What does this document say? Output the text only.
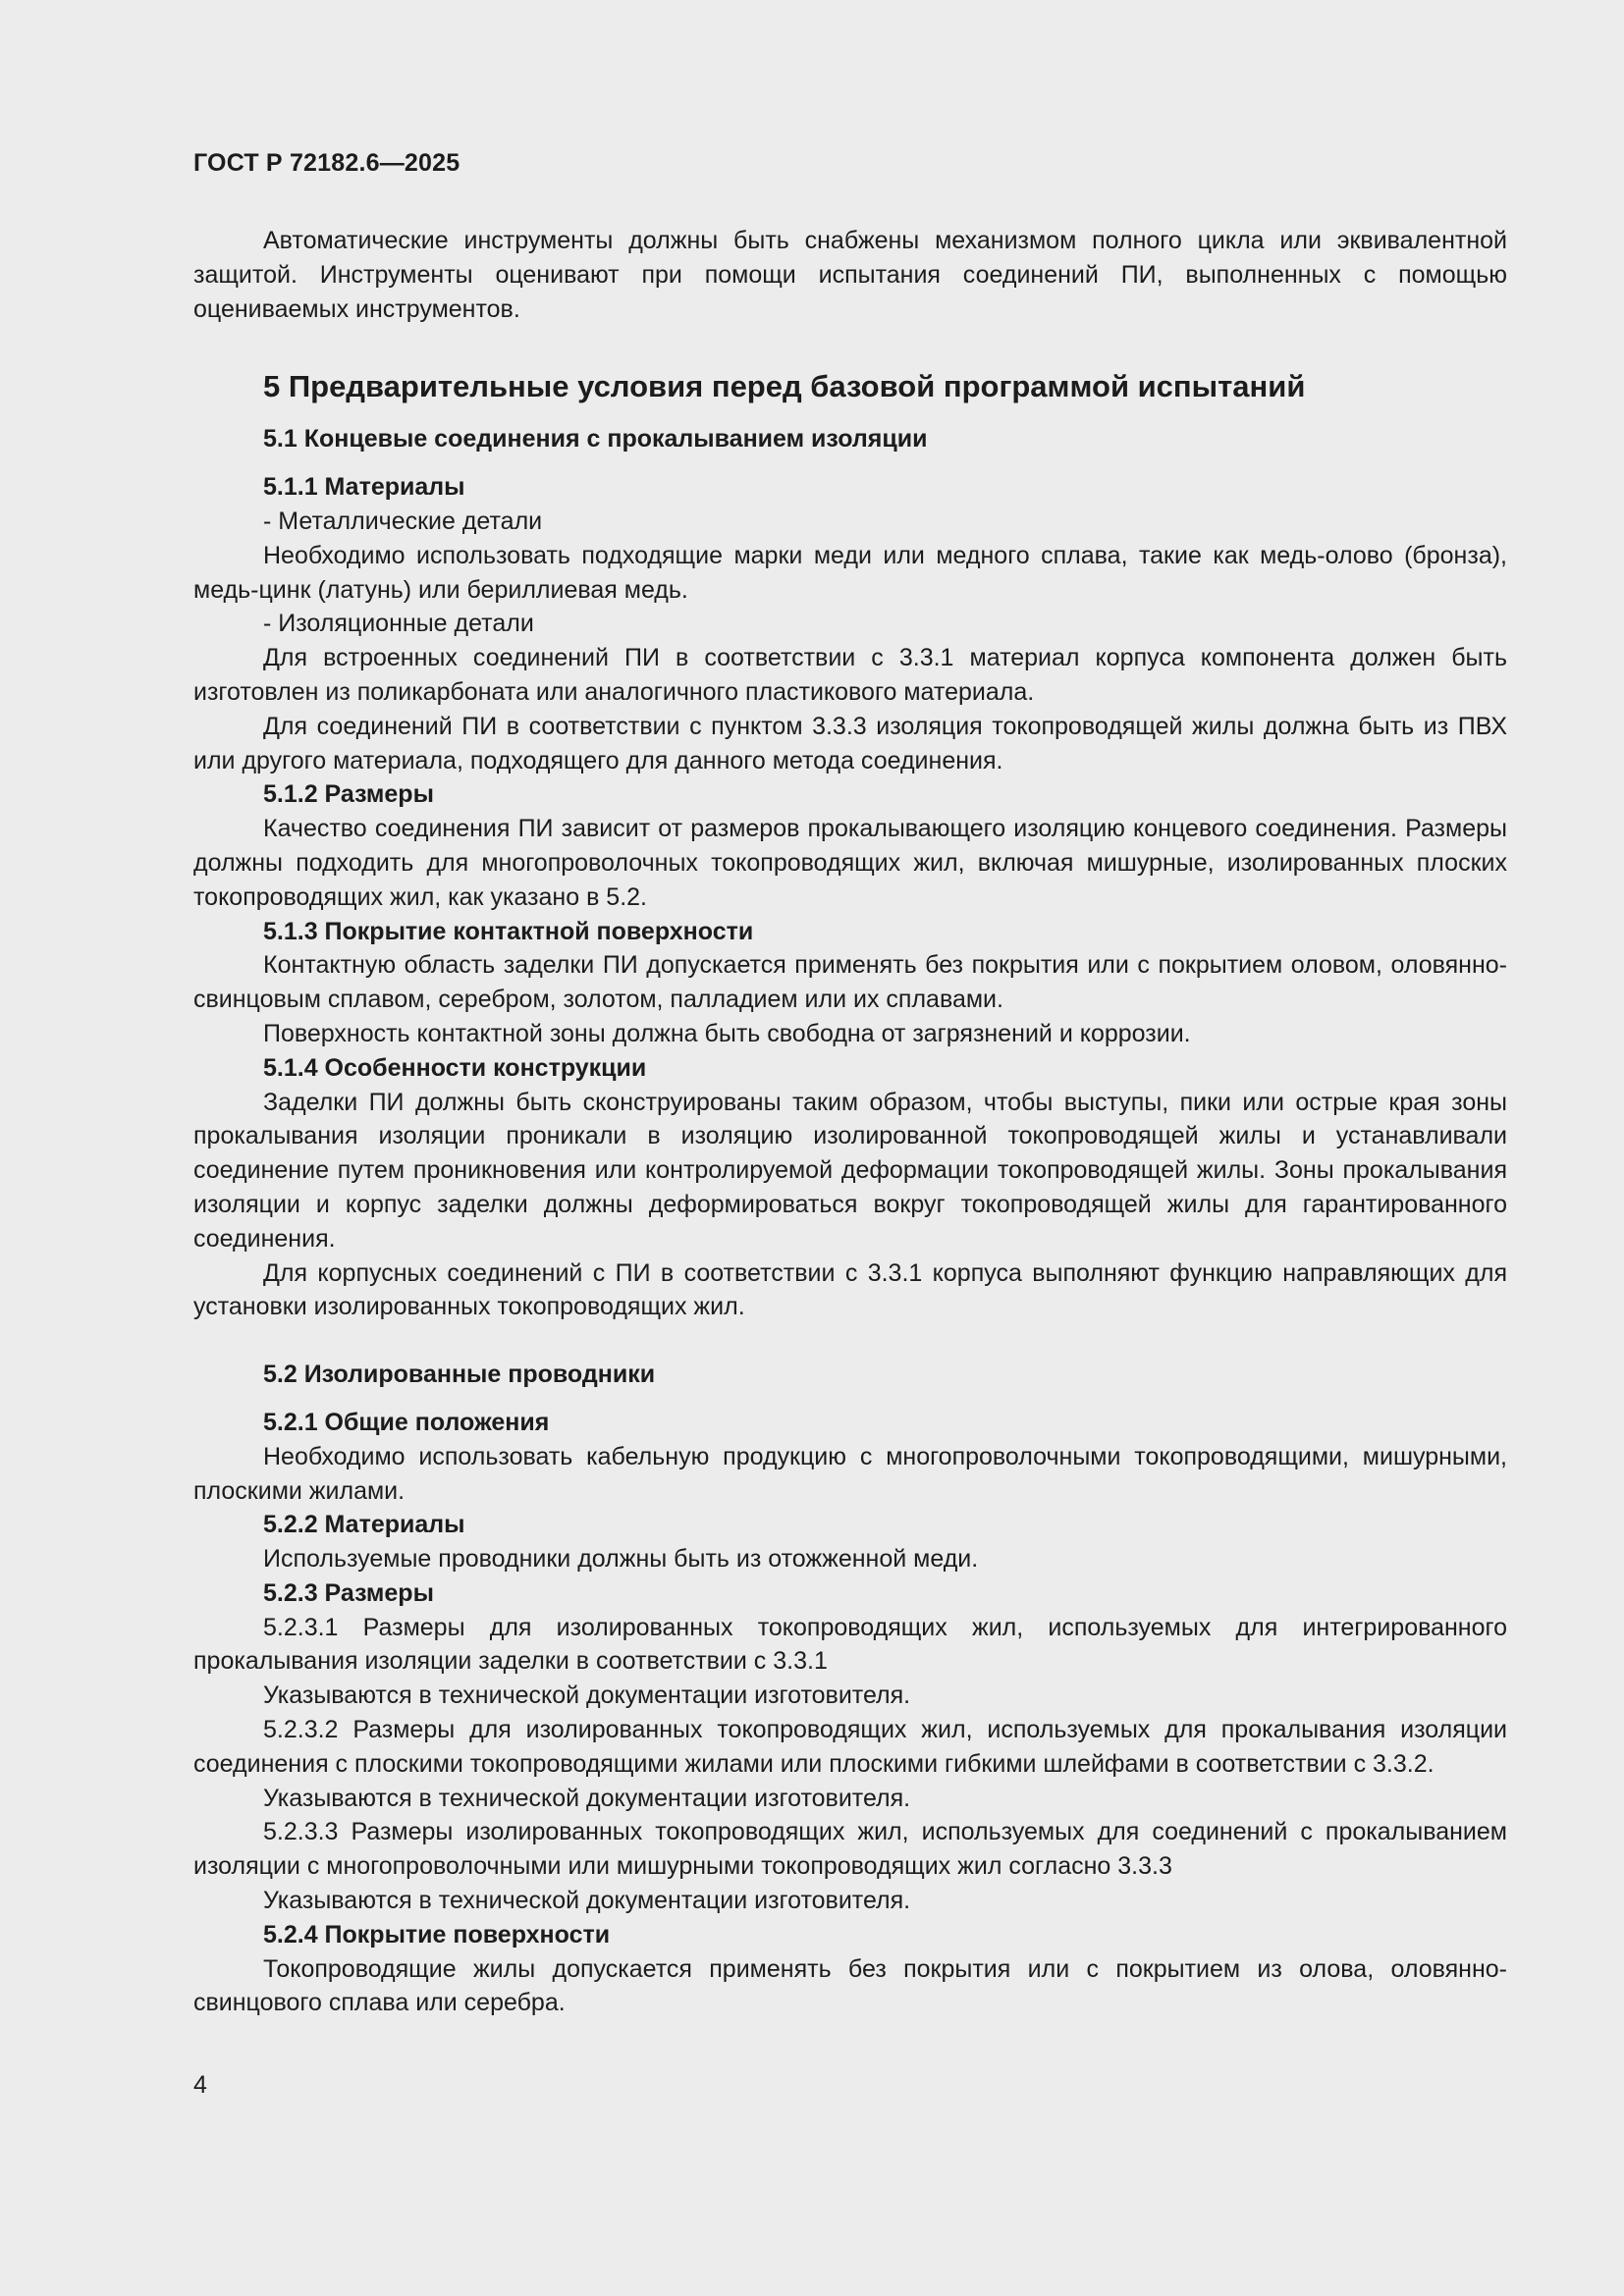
ГОСТ Р 72182.6—2025

Автоматические инструменты должны быть снабжены механизмом полного цикла или эквивалентной защитой. Инструменты оценивают при помощи испытания соединений ПИ, выполненных с помощью оцениваемых инструментов.

5 Предварительные условия перед базовой программой испытаний
5.1 Концевые соединения с прокалыванием изоляции
5.1.1 Материалы

- Металлические детали

Необходимо использовать подходящие марки меди или медного сплава, такие как медь-олово (бронза), медь-цинк (латунь) или бериллиевая медь.

- Изоляционные детали

Для встроенных соединений ПИ в соответствии с 3.3.1 материал корпуса компонента должен быть изготовлен из поликарбоната или аналогичного пластикового материала.

Для соединений ПИ в соответствии с пунктом 3.3.3 изоляция токопроводящей жилы должна быть из ПВХ или другого материала, подходящего для данного метода соединения.

5.1.2 Размеры

Качество соединения ПИ зависит от размеров прокалывающего изоляцию концевого соединения. Размеры должны подходить для многопроволочных токопроводящих жил, включая мишурные, изолированных плоских токопроводящих жил, как указано в 5.2.

5.1.3 Покрытие контактной поверхности

Контактную область заделки ПИ допускается применять без покрытия или с покрытием оловом, оловянно-свинцовым сплавом, серебром, золотом, палладием или их сплавами.

Поверхность контактной зоны должна быть свободна от загрязнений и коррозии.

5.1.4 Особенности конструкции

Заделки ПИ должны быть сконструированы таким образом, чтобы выступы, пики или острые края зоны прокалывания изоляции проникали в изоляцию изолированной токопроводящей жилы и устанавливали соединение путем проникновения или контролируемой деформации токопроводящей жилы. Зоны прокалывания изоляции и корпус заделки должны деформироваться вокруг токопроводящей жилы для гарантированного соединения.

Для корпусных соединений с ПИ в соответствии с 3.3.1 корпуса выполняют функцию направляющих для установки изолированных токопроводящих жил.

5.2 Изолированные проводники
5.2.1 Общие положения

Необходимо использовать кабельную продукцию с многопроволочными токопроводящими, мишурными, плоскими жилами.

5.2.2 Материалы

Используемые проводники должны быть из отожженной меди.

5.2.3 Размеры

5.2.3.1 Размеры для изолированных токопроводящих жил, используемых для интегрированного прокалывания изоляции заделки в соответствии с 3.3.1

Указываются в технической документации изготовителя.

5.2.3.2 Размеры для изолированных токопроводящих жил, используемых для прокалывания изоляции соединения с плоскими токопроводящими жилами или плоскими гибкими шлейфами в соответствии с 3.3.2.

Указываются в технической документации изготовителя.

5.2.3.3 Размеры изолированных токопроводящих жил, используемых для соединений с прокалыванием изоляции с многопроволочными или мишурными токопроводящих жил согласно 3.3.3

Указываются в технической документации изготовителя.

5.2.4 Покрытие поверхности

Токопроводящие жилы допускается применять без покрытия или с покрытием из олова, оловянно-свинцового сплава или серебра.

4
